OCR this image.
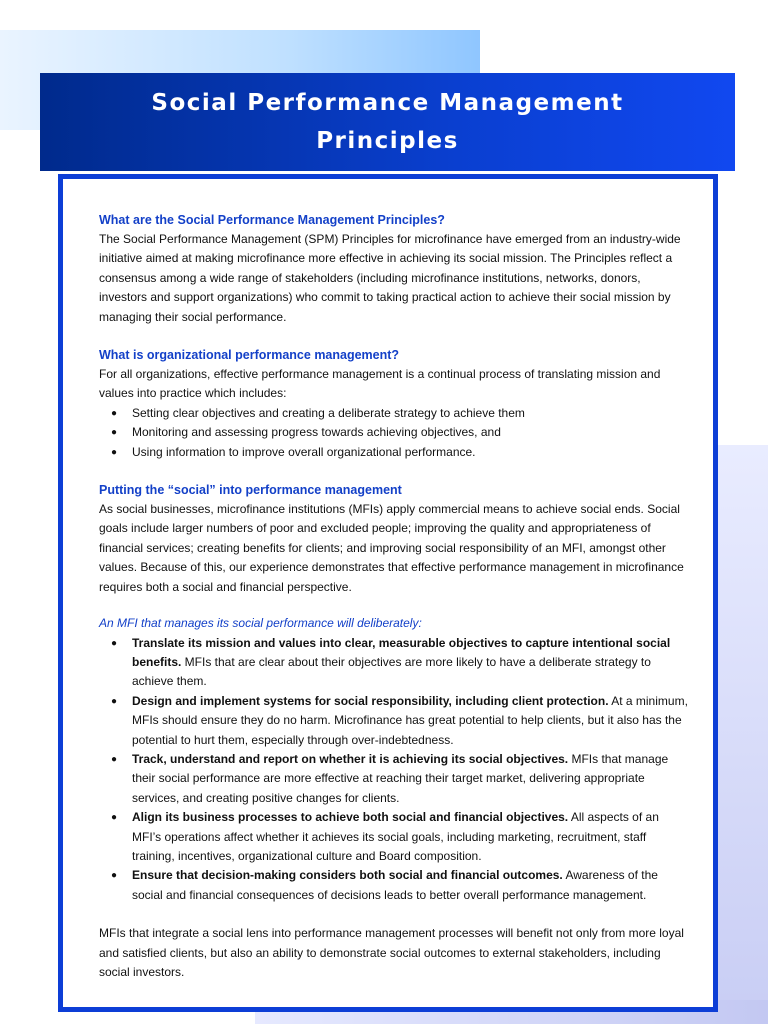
Social Performance Management
Principles

What are the Social Performance Management Principles?

The Social Performance Management (SPM) Principles for microfinance have emerged from an industry-wide initiative aimed at making microfinance more effective in achieving its social mission. The Principles reflect a consensus among a wide range of stakeholders (including microfinance institutions, networks, donors, investors and support organizations) who commit to taking practical action to achieve their social mission by managing their social performance.

What is organizational performance management?

For all organizations, effective performance management is a continual process of translating mission and values into practice which includes:

● Setting clear objectives and creating a deliberate strategy to achieve them
● Monitoring and assessing progress towards achieving objectives, and
● Using information to improve overall organizational performance.

Putting the “social” into performance management

As social businesses, microfinance institutions (MFIs) apply commercial means to achieve social ends. Social goals include larger numbers of poor and excluded people; improving the quality and appropriateness of financial services; creating benefits for clients; and improving social responsibility of an MFI, amongst other values. Because of this, our experience demonstrates that effective performance management in microfinance requires both a social and financial perspective.

An MFI that manages its social performance will deliberately:

● Translate its mission and values into clear, measurable objectives to capture intentional social benefits. MFIs that are clear about their objectives are more likely to have a deliberate strategy to achieve them.
● Design and implement systems for social responsibility, including client protection. At a minimum, MFIs should ensure they do no harm. Microfinance has great potential to help clients, but it also has the potential to hurt them, especially through over-indebtedness.
● Track, understand and report on whether it is achieving its social objectives. MFIs that manage their social performance are more effective at reaching their target market, delivering appropriate services, and creating positive changes for clients.
● Align its business processes to achieve both social and financial objectives. All aspects of an MFI’s operations affect whether it achieves its social goals, including marketing, recruitment, staff training, incentives, organizational culture and Board composition.
● Ensure that decision-making considers both social and financial outcomes. Awareness of the social and financial consequences of decisions leads to better overall performance management.

MFIs that integrate a social lens into performance management processes will benefit not only from more loyal and satisfied clients, but also an ability to demonstrate social outcomes to external stakeholders, including social investors.
